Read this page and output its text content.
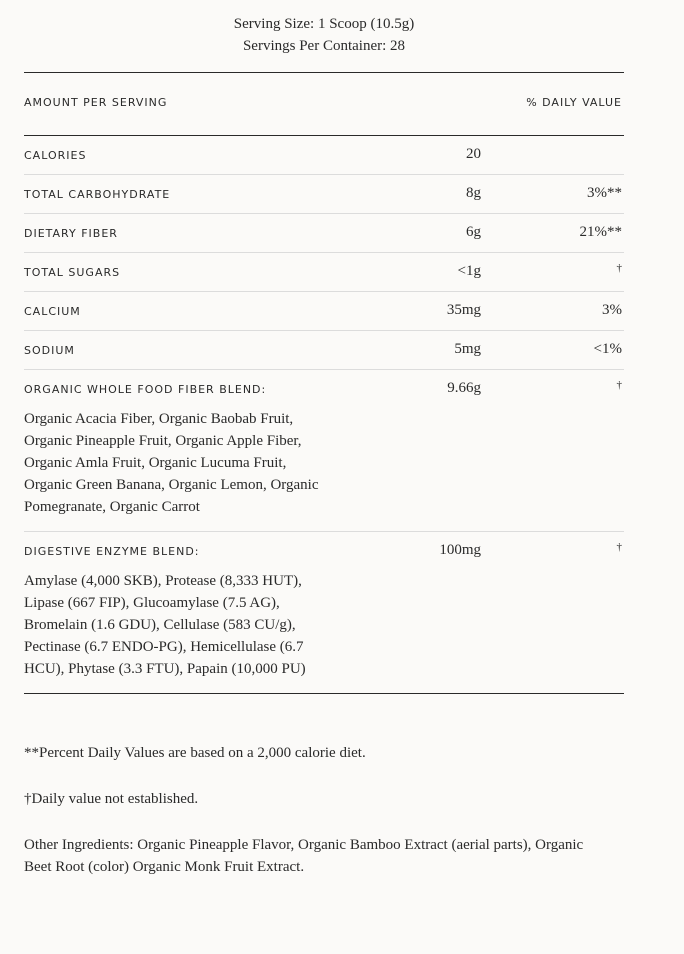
Serving Size: 1 Scoop (10.5g)
Servings Per Container: 28
AMOUNT PER SERVING	% DAILY VALUE
CALORIES	20
TOTAL CARBOHYDRATE	8g	3%**
DIETARY FIBER	6g	21%**
TOTAL SUGARS	<1g	†
CALCIUM	35mg	3%
SODIUM	5mg	<1%
ORGANIC WHOLE FOOD FIBER BLEND:	9.66g	†
Organic Acacia Fiber, Organic Baobab Fruit, Organic Pineapple Fruit, Organic Apple Fiber, Organic Amla Fruit, Organic Lucuma Fruit, Organic Green Banana, Organic Lemon, Organic Pomegranate, Organic Carrot
DIGESTIVE ENZYME BLEND:	100mg	†
Amylase (4,000 SKB), Protease (8,333 HUT), Lipase (667 FIP), Glucoamylase (7.5 AG), Bromelain (1.6 GDU), Cellulase (583 CU/g), Pectinase (6.7 ENDO-PG), Hemicellulase (6.7 HCU), Phytase (3.3 FTU), Papain (10,000 PU)

**Percent Daily Values are based on a 2,000 calorie diet.

†Daily value not established.

Other Ingredients: Organic Pineapple Flavor, Organic Bamboo Extract (aerial parts), Organic Beet Root (color) Organic Monk Fruit Extract.
